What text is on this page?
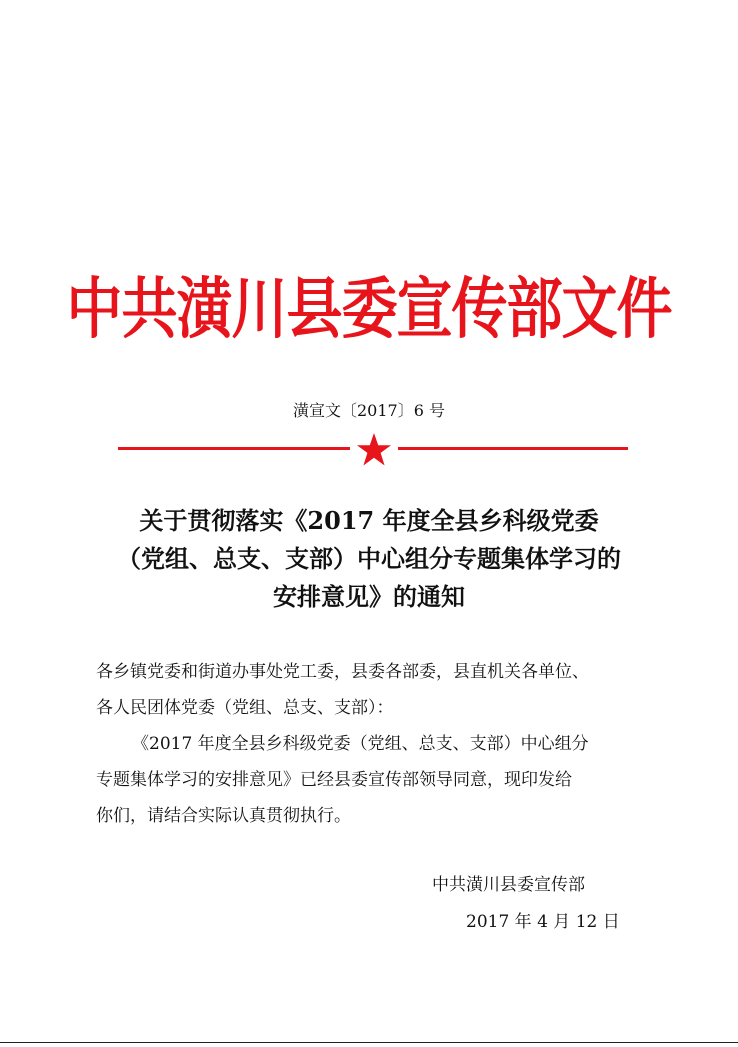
中共潢川县委宣传部文件
潢宣文〔2017〕6 号
关于贯彻落实《2017 年度全县乡科级党委
（党组、总支、支部）中心组分专题集体学习的
安排意见》的通知
各乡镇党委和街道办事处党工委，县委各部委，县直机关各单位、
各人民团体党委（党组、总支、支部）：
《2017 年度全县乡科级党委（党组、总支、支部）中心组分
专题集体学习的安排意见》已经县委宣传部领导同意，现印发给
你们，请结合实际认真贯彻执行。
中共潢川县委宣传部
2017 年 4 月 12 日
